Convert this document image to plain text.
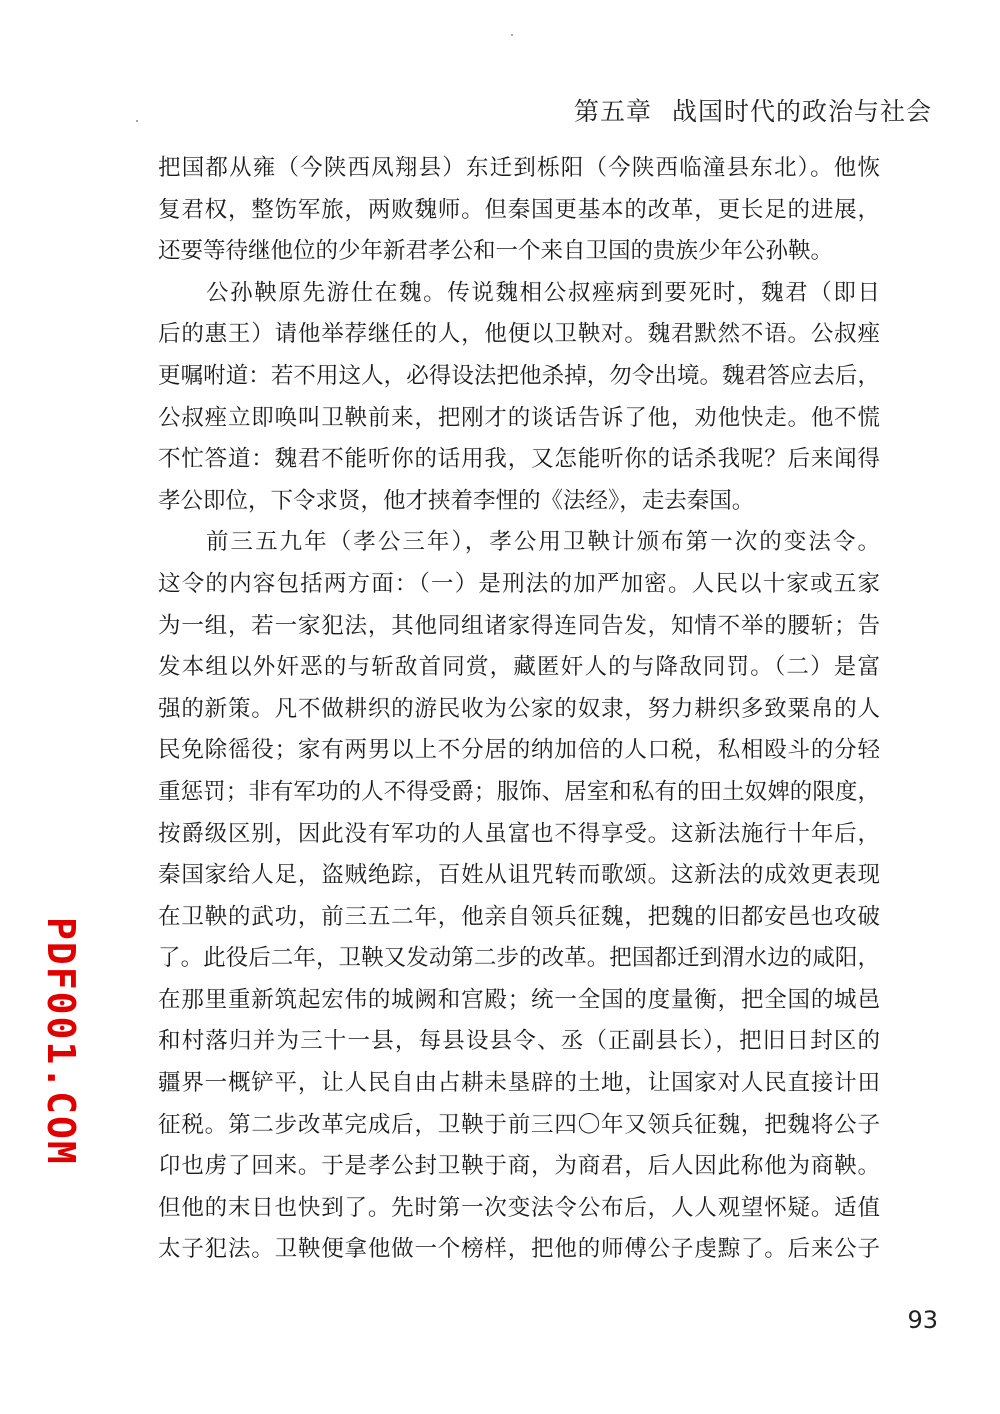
第五章 战国时代的政治与社会
把国都从雍（今陕西凤翔县）东迁到栎阳（今陕西临潼县东北）。他恢
复君权，整饬军旅，两败魏师。但秦国更基本的改革，更长足的进展，
还要等待继他位的少年新君孝公和一个来自卫国的贵族少年公孙鞅。
公孙鞅原先游仕在魏。传说魏相公叔痤病到要死时，魏君（即日
后的惠王）请他举荐继任的人，他便以卫鞅对。魏君默然不语。公叔痤
更嘱咐道：若不用这人，必得设法把他杀掉，勿令出境。魏君答应去后，
公叔痤立即唤叫卫鞅前来，把刚才的谈话告诉了他，劝他快走。他不慌
不忙答道：魏君不能听你的话用我，又怎能听你的话杀我呢？后来闻得
孝公即位，下令求贤，他才挟着李悝的《法经》，走去秦国。
前三五九年（孝公三年），孝公用卫鞅计颁布第一次的变法令。
这令的内容包括两方面：（一）是刑法的加严加密。人民以十家或五家
为一组，若一家犯法，其他同组诸家得连同告发，知情不举的腰斩；告
发本组以外奸恶的与斩敌首同赏，藏匿奸人的与降敌同罚。（二）是富
强的新策。凡不做耕织的游民收为公家的奴隶，努力耕织多致粟帛的人
民免除徭役；家有两男以上不分居的纳加倍的人口税，私相殴斗的分轻
重惩罚；非有军功的人不得受爵；服饰、居室和私有的田土奴婢的限度，
按爵级区别，因此没有军功的人虽富也不得享受。这新法施行十年后，
秦国家给人足，盗贼绝踪，百姓从诅咒转而歌颂。这新法的成效更表现
在卫鞅的武功，前三五二年，他亲自领兵征魏，把魏的旧都安邑也攻破
了。此役后二年，卫鞅又发动第二步的改革。把国都迁到渭水边的咸阳，
在那里重新筑起宏伟的城阙和宫殿；统一全国的度量衡，把全国的城邑
和村落归并为三十一县，每县设县令、丞（正副县长），把旧日封区的
疆界一概铲平，让人民自由占耕未垦辟的土地，让国家对人民直接计田
征税。第二步改革完成后，卫鞅于前三四〇年又领兵征魏，把魏将公子
卬也虏了回来。于是孝公封卫鞅于商，为商君，后人因此称他为商鞅。
但他的末日也快到了。先时第一次变法令公布后，人人观望怀疑。适值
太子犯法。卫鞅便拿他做一个榜样，把他的师傅公子虔黥了。后来公子
PDF001.COM
93
